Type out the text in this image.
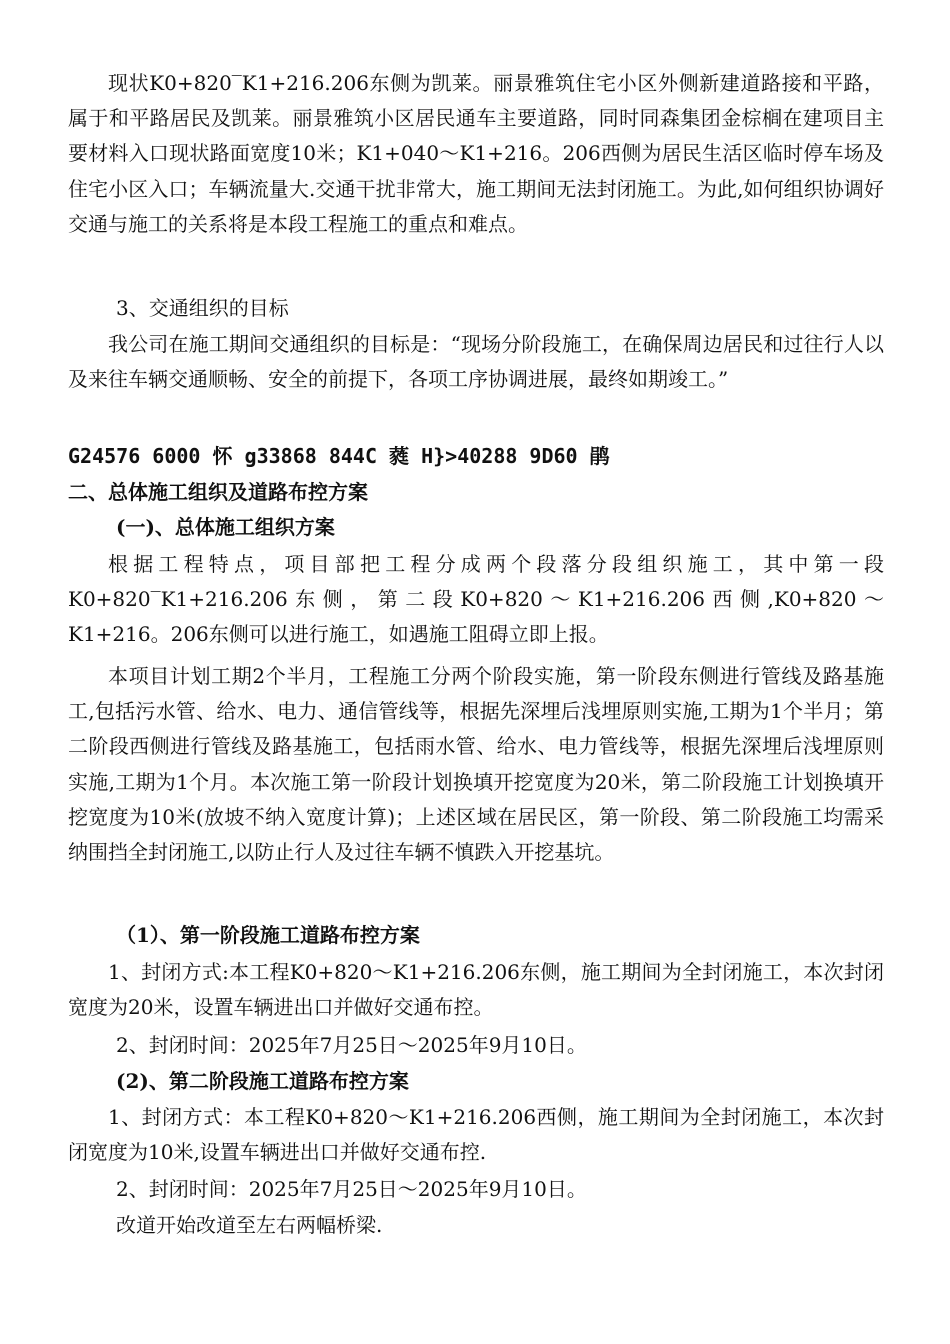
现状K0+820‾K1+216.206东侧为凯莱。丽景雅筑住宅小区外侧新建道路接和平路，属于和平路居民及凯莱。丽景雅筑小区居民通车主要道路，同时同森集团金棕榈在建项目主要材料入口现状路面宽度10米；K1+040～K1+216。206西侧为居民生活区临时停车场及住宅小区入口；车辆流量大.交通干扰非常大，施工期间无法封闭施工。为此,如何组织协调好交通与施工的关系将是本段工程施工的重点和难点。

3、交通组织的目标

我公司在施工期间交通组织的目标是：“现场分阶段施工，在确保周边居民和过往行人以及来往车辆交通顺畅、安全的前提下，各项工序协调进展，最终如期竣工。”

G24576 6000 怀 g33868 844C 蕤 H}>40288 9D60 鹃

二、总体施工组织及道路布控方案

(一)、总体施工组织方案

根据工程特点，项目部把工程分成两个段落分段组织施工，其中第一段K0+820‾K1+216.206东侧，第二段K0+820～K1+216.206西侧,K0+820～K1+216。206东侧可以进行施工，如遇施工阻碍立即上报。

本项目计划工期2个半月，工程施工分两个阶段实施，第一阶段东侧进行管线及路基施工,包括污水管、给水、电力、通信管线等，根据先深埋后浅埋原则实施,工期为1个半月；第二阶段西侧进行管线及路基施工，包括雨水管、给水、电力管线等，根据先深埋后浅埋原则实施,工期为1个月。本次施工第一阶段计划换填开挖宽度为20米，第二阶段施工计划换填开挖宽度为10米(放坡不纳入宽度计算)；上述区域在居民区，第一阶段、第二阶段施工均需采纳围挡全封闭施工,以防止行人及过往车辆不慎跌入开挖基坑。

（1）、第一阶段施工道路布控方案

1、封闭方式:本工程K0+820～K1+216.206东侧，施工期间为全封闭施工，本次封闭宽度为20米，设置车辆进出口并做好交通布控。

2、封闭时间：2025年7月25日～2025年9月10日。

(2)、第二阶段施工道路布控方案

1、封闭方式：本工程K0+820～K1+216.206西侧，施工期间为全封闭施工，本次封闭宽度为10米,设置车辆进出口并做好交通布控.

2、封闭时间：2025年7月25日～2025年9月10日。

改道开始改道至左右两幅桥梁.
